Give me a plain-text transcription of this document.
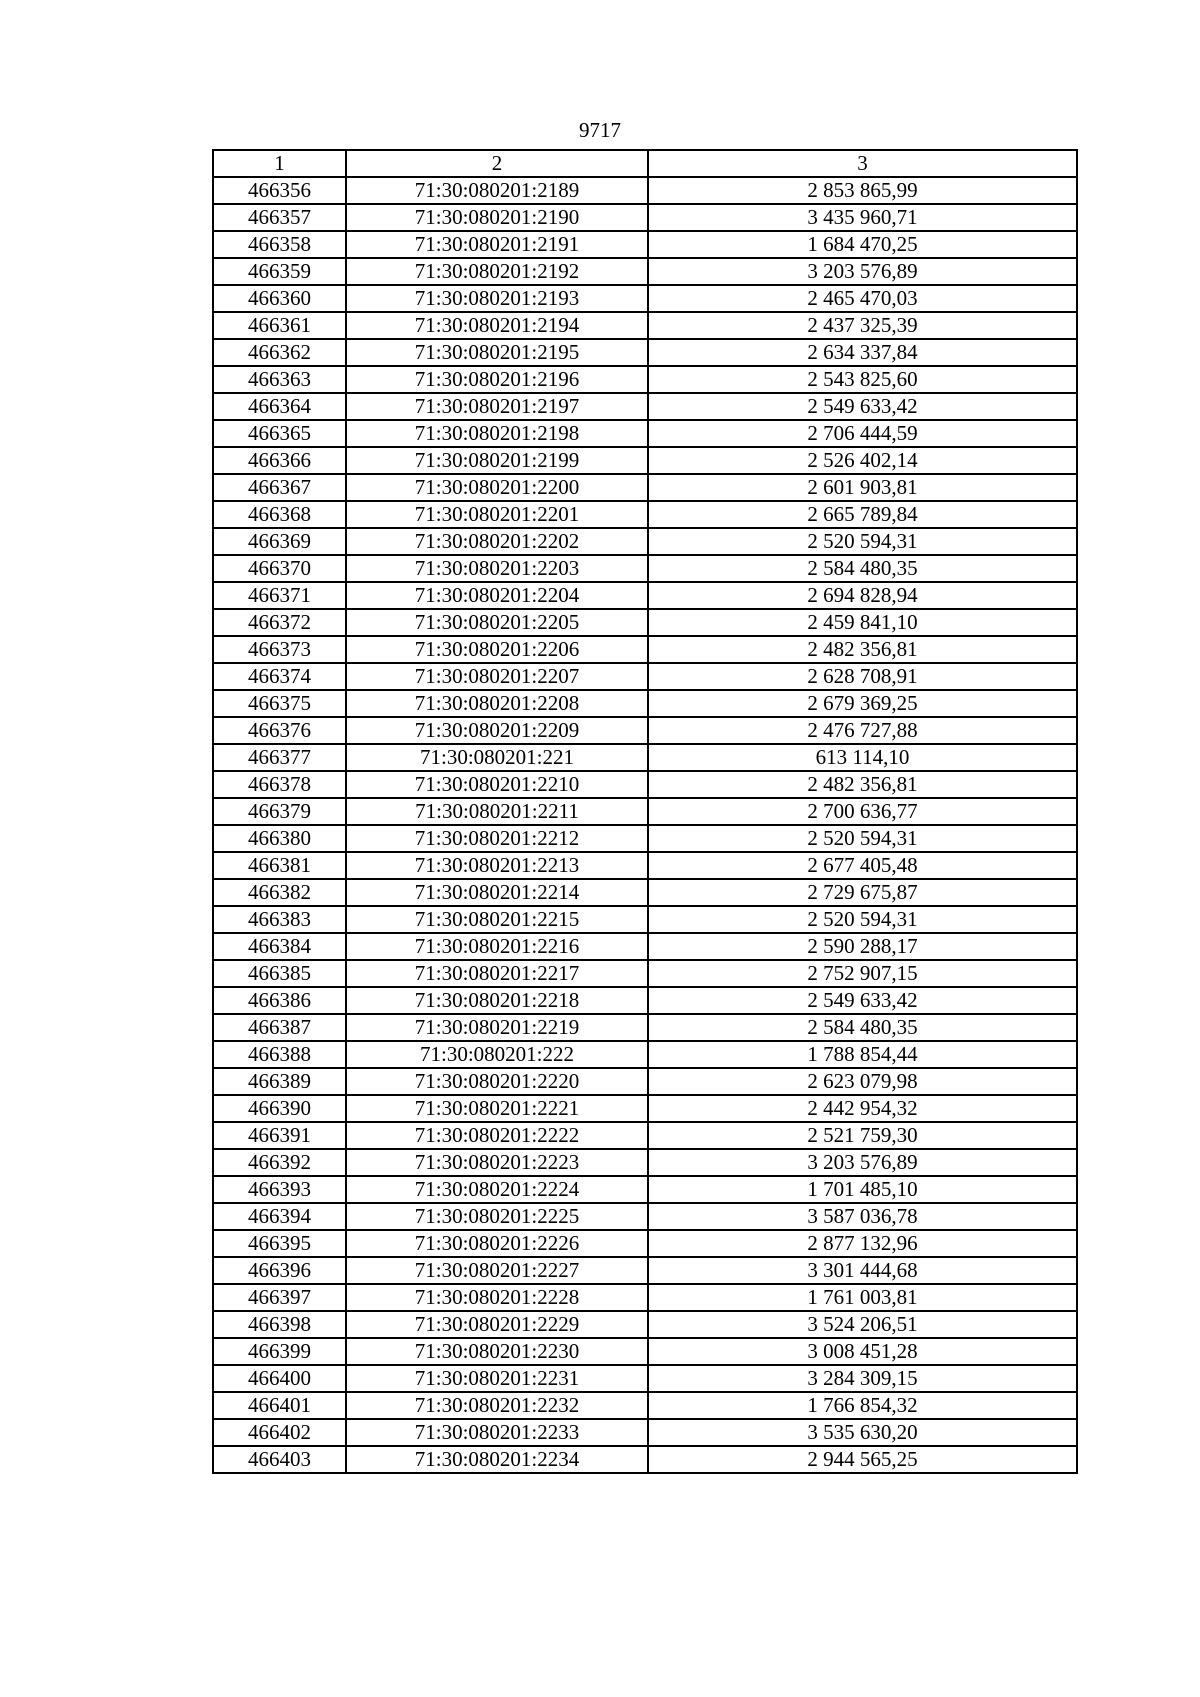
9717
1	2	3
466356	71:30:080201:2189	2 853 865,99
466357	71:30:080201:2190	3 435 960,71
466358	71:30:080201:2191	1 684 470,25
466359	71:30:080201:2192	3 203 576,89
466360	71:30:080201:2193	2 465 470,03
466361	71:30:080201:2194	2 437 325,39
466362	71:30:080201:2195	2 634 337,84
466363	71:30:080201:2196	2 543 825,60
466364	71:30:080201:2197	2 549 633,42
466365	71:30:080201:2198	2 706 444,59
466366	71:30:080201:2199	2 526 402,14
466367	71:30:080201:2200	2 601 903,81
466368	71:30:080201:2201	2 665 789,84
466369	71:30:080201:2202	2 520 594,31
466370	71:30:080201:2203	2 584 480,35
466371	71:30:080201:2204	2 694 828,94
466372	71:30:080201:2205	2 459 841,10
466373	71:30:080201:2206	2 482 356,81
466374	71:30:080201:2207	2 628 708,91
466375	71:30:080201:2208	2 679 369,25
466376	71:30:080201:2209	2 476 727,88
466377	71:30:080201:221	613 114,10
466378	71:30:080201:2210	2 482 356,81
466379	71:30:080201:2211	2 700 636,77
466380	71:30:080201:2212	2 520 594,31
466381	71:30:080201:2213	2 677 405,48
466382	71:30:080201:2214	2 729 675,87
466383	71:30:080201:2215	2 520 594,31
466384	71:30:080201:2216	2 590 288,17
466385	71:30:080201:2217	2 752 907,15
466386	71:30:080201:2218	2 549 633,42
466387	71:30:080201:2219	2 584 480,35
466388	71:30:080201:222	1 788 854,44
466389	71:30:080201:2220	2 623 079,98
466390	71:30:080201:2221	2 442 954,32
466391	71:30:080201:2222	2 521 759,30
466392	71:30:080201:2223	3 203 576,89
466393	71:30:080201:2224	1 701 485,10
466394	71:30:080201:2225	3 587 036,78
466395	71:30:080201:2226	2 877 132,96
466396	71:30:080201:2227	3 301 444,68
466397	71:30:080201:2228	1 761 003,81
466398	71:30:080201:2229	3 524 206,51
466399	71:30:080201:2230	3 008 451,28
466400	71:30:080201:2231	3 284 309,15
466401	71:30:080201:2232	1 766 854,32
466402	71:30:080201:2233	3 535 630,20
466403	71:30:080201:2234	2 944 565,25
